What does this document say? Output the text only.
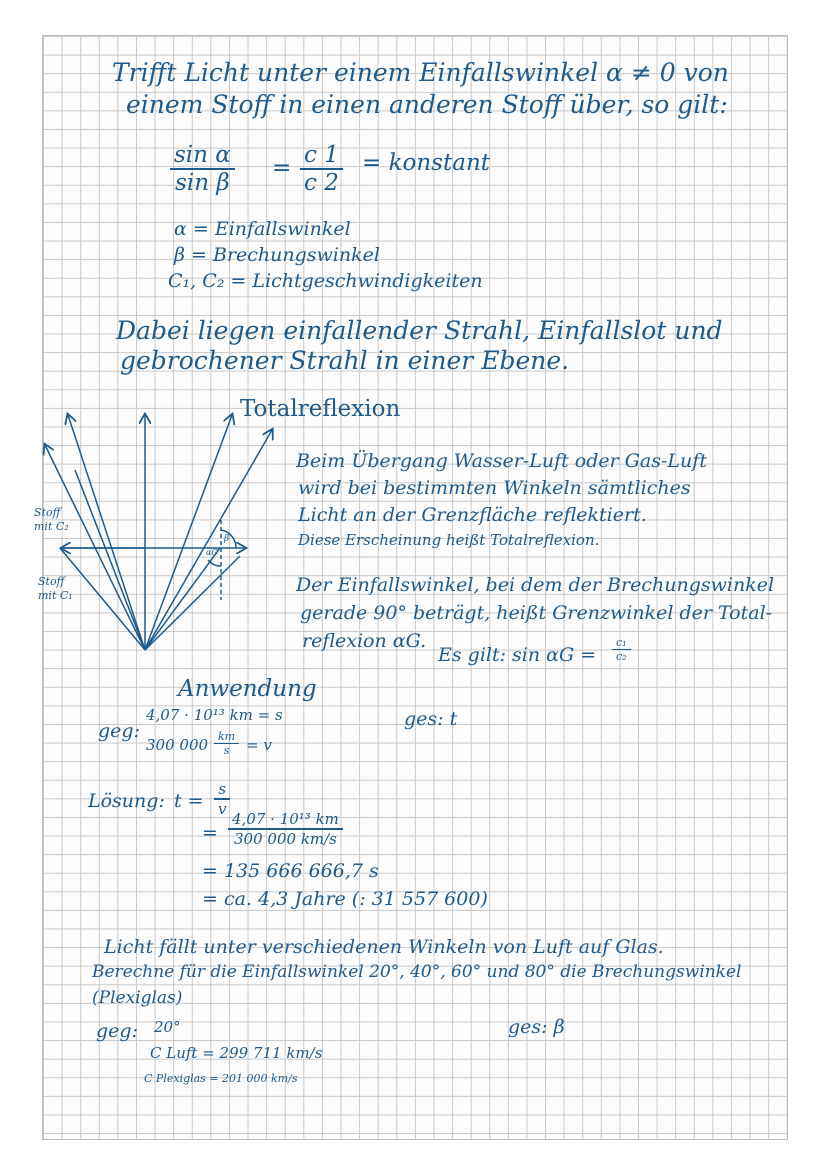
Trifft Licht unter einem Einfallswinkel α ≠ 0 von
einem Stoff in einen anderen Stoff über, so gilt:
$\frac{\text{sin α}}{\text{sin β}} = \frac{c 1}{c 2}$ = konstant
α = Einfallswinkel
β = Brechungswinkel
C₁, C₂ = Lichtgeschwindigkeiten
Dabei liegen einfallender Strahl, Einfallslot und
gebrochener Strahl in einer Ebene.
Totalreflexion
Stoff
mit C₂
Stoff
mit C₁
β
αG
Beim Übergang Wasser-Luft oder Gas-Luft
wird bei bestimmten Winkeln sämtliches
Licht an der Grenzfläche reflektiert.
Diese Erscheinung heißt Totalreflexion.
Der Einfallswinkel, bei dem der Brechungswinkel
gerade 90° beträgt, heißt Grenzwinkel der Total-
reflexion αG.
Es gilt: $\sin \alpha G = \frac{\text{c₁}}{\text{c₂}}$
Anwendung
geg:
4,07 · 10¹³ km = s
300 $000 \frac{km}{s} = v$
ges: t
Lösung: $t = \frac{s}{v}$
= $\frac{\text{4,07 · 10¹³ km}}{300 000 km/s}$
= 135 666 666,7 s
= ca. 4,3 Jahre (: 31 557 600)
Licht fällt unter verschiedenen Winkeln von Luft auf Glas.
Berechne für die Einfallswinkel 20°, 40°, 60° und 80° die Brechungswinkel
(Plexiglas)
geg: 20°
C Luft = 299 711 km/s
C Plexiglas = 201 000 km/s
ges: β
